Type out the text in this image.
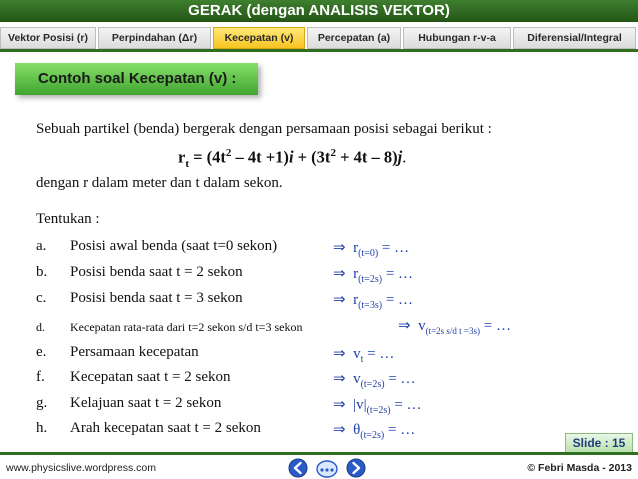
GERAK (dengan ANALISIS VEKTOR)
Vektor Posisi (r)	Perpindahan (Δr)	Kecepatan (v)	Percepatan (a)	Hubungan r-v-a	Diferensial/Integral
Contoh soal Kecepatan (v) :
Sebuah partikel (benda) bergerak dengan persamaan posisi sebagai berikut :
$r_t = (4t^2 - 4t +1)i + (3t^2 + 4t - 8)j$.
dengan r dalam meter dan t dalam sekon.
Tentukan :
a. Posisi awal benda (saat t=0 sekon)	⇒ $r_{(t=0)}$ = …
b. Posisi benda saat t = 2 sekon	⇒ $r_{(t=2s)}$ = …
c. Posisi benda saat t = 3 sekon	⇒ $r_{(t=3s)}$ = …
d. Kecepatan rata-rata dari t=2 sekon s/d t=3 sekon	⇒ $v_{(t=2s s/d t =3s)}$ = …
e. Persamaan kecepatan	⇒ $v_t$ = …
f. Kecepatan saat t = 2 sekon	⇒ $v_{(t=2s)}$ = …
g. Kelajuan saat t = 2 sekon	⇒ $|v|_{(t=2s)}$ = …
h. Arah kecepatan saat t = 2 sekon	⇒ $\theta_{(t=2s)}$ = …
Slide : 15
www.physicslive.wordpress.com	© Febri Masda - 2013
